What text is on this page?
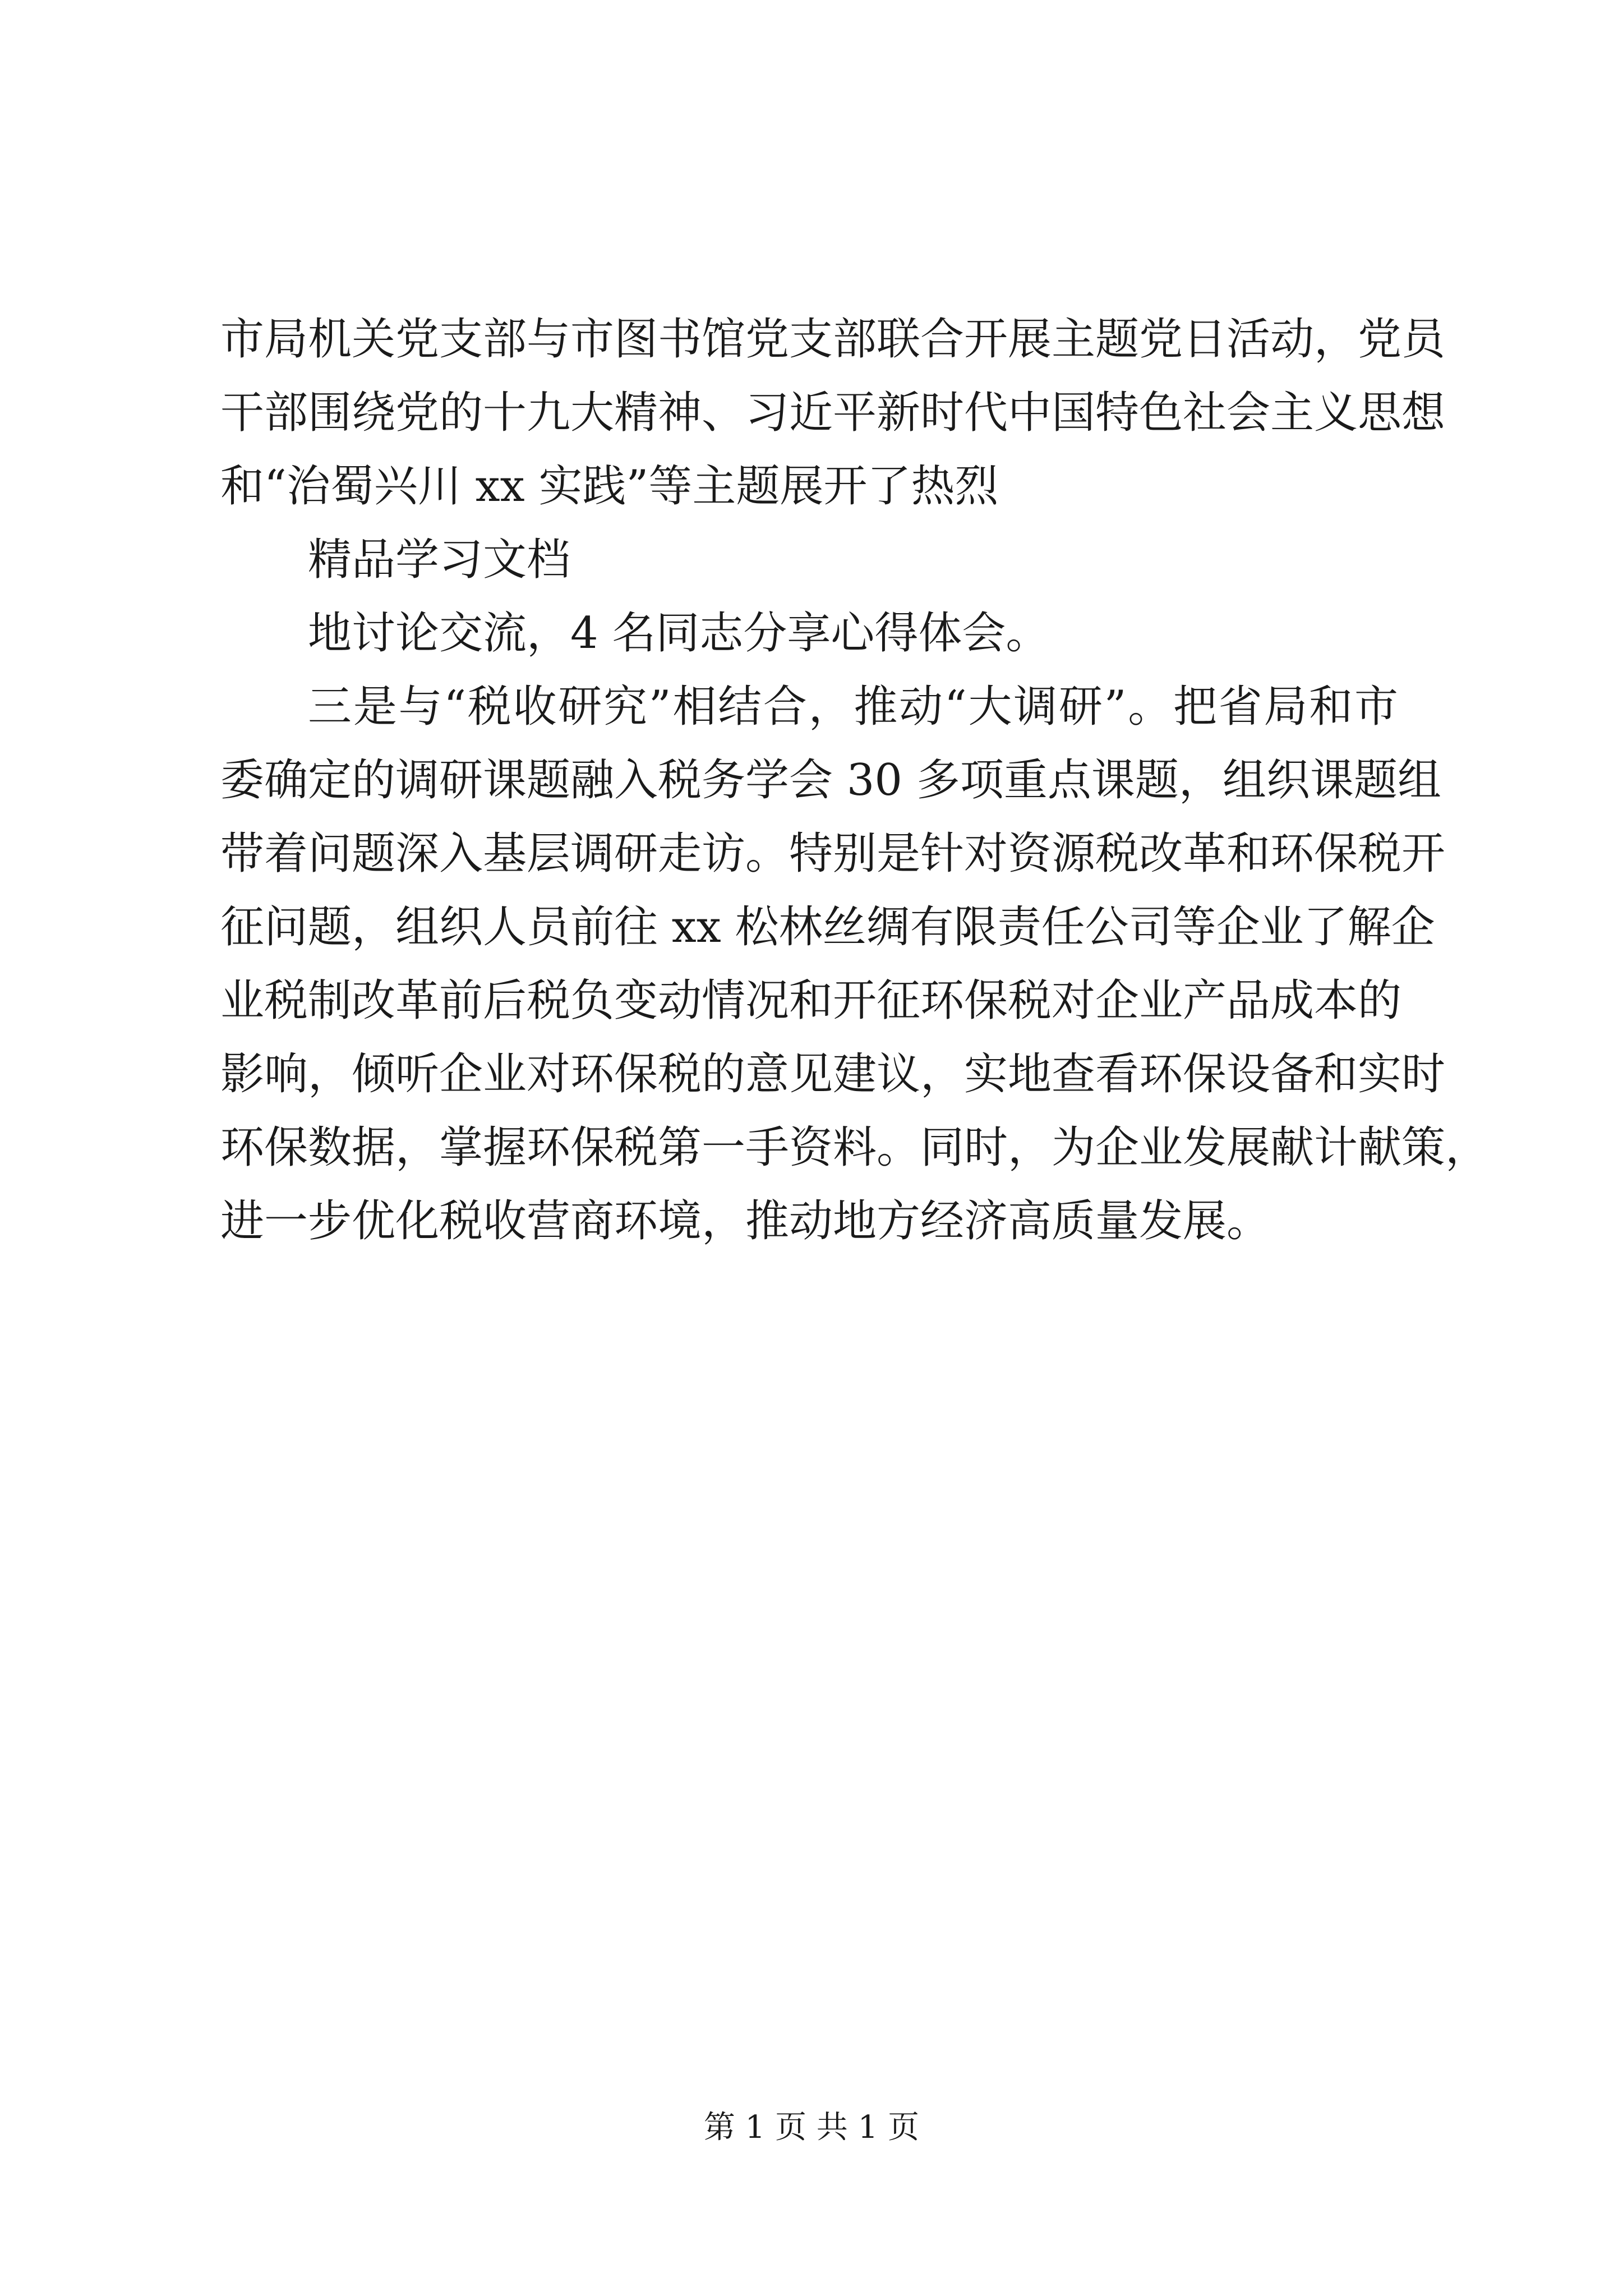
市局机关党支部与市图书馆党支部联合开展主题党日活动，党员
干部围绕党的十九大精神、习近平新时代中国特色社会主义思想
和“治蜀兴川 xx 实践”等主题展开了热烈
精品学习文档
地讨论交流，4 名同志分享心得体会。
三是与“税收研究”相结合，推动“大调研”。把省局和市
委确定的调研课题融入税务学会 30 多项重点课题，组织课题组
带着问题深入基层调研走访。特别是针对资源税改革和环保税开
征问题，组织人员前往 xx 松林丝绸有限责任公司等企业了解企
业税制改革前后税负变动情况和开征环保税对企业产品成本的
影响，倾听企业对环保税的意见建议，实地查看环保设备和实时
环保数据，掌握环保税第一手资料。同时，为企业发展献计献策，
进一步优化税收营商环境，推动地方经济高质量发展。
第 1 页 共 1 页
